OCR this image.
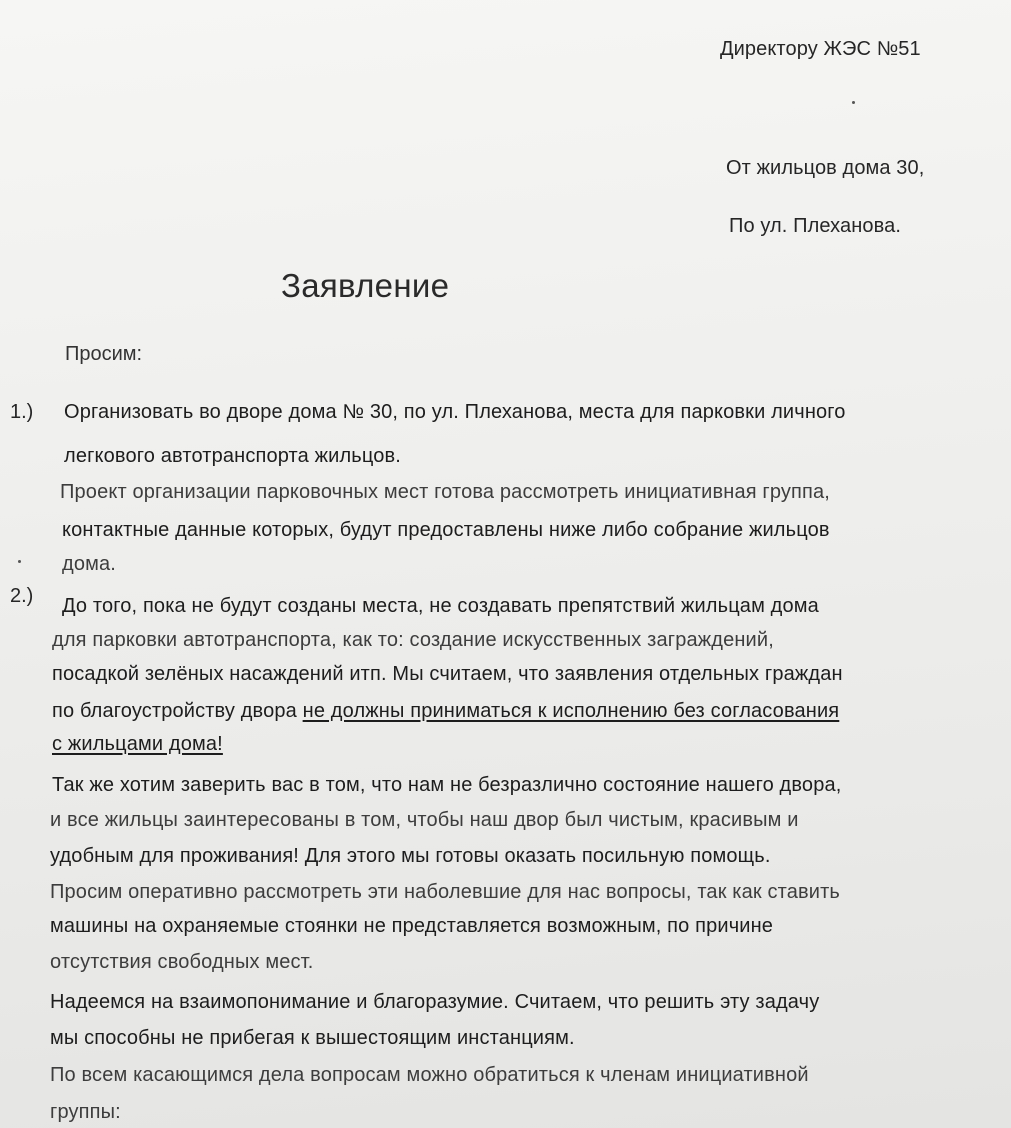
Директору ЖЭС №51
От жильцов дома 30,
По ул. Плеханова.
Заявление
Просим:
1.) Организовать во дворе дома № 30, по ул. Плеханова, места для парковки личного
легкового автотранспорта жильцов.
Проект организации парковочных мест готова рассмотреть инициативная группа,
контактные данные которых, будут предоставлены ниже либо собрание жильцов
дома.
2.) До того, пока не будут созданы места, не создавать препятствий жильцам дома
для парковки автотранспорта, как то: создание искусственных заграждений,
посадкой зелёных насаждений итп. Мы считаем, что заявления отдельных граждан
по благоустройству двора не должны приниматься к исполнению без согласования
с жильцами дома!
Так же хотим заверить вас в том, что нам не безразлично состояние нашего двора,
и все жильцы заинтересованы в том, чтобы наш двор был чистым, красивым и
удобным для проживания! Для этого мы готовы оказать посильную помощь.
Просим оперативно рассмотреть эти наболевшие для нас вопросы, так как ставить
машины на охраняемые стоянки не представляется возможным, по причине
отсутствия свободных мест.
Надеемся на взаимопонимание и благоразумие. Считаем, что решить эту задачу
мы способны не прибегая к вышестоящим инстанциям.
По всем касающимся дела вопросам можно обратиться к членам инициативной
группы:
